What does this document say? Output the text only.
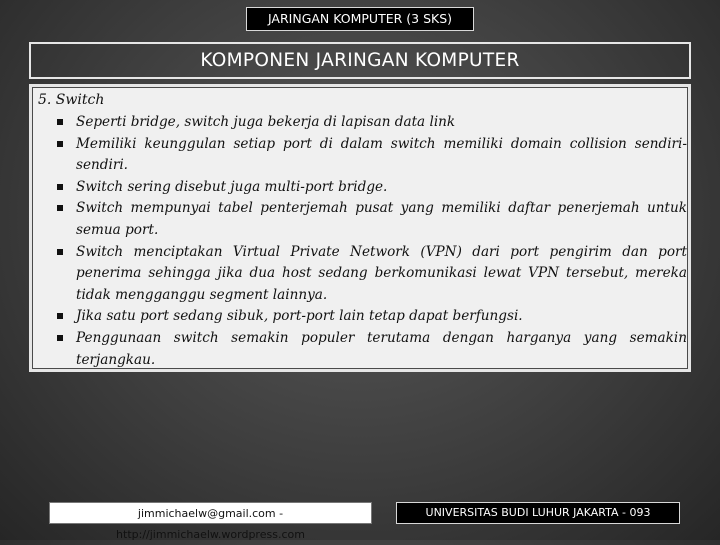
JARINGAN KOMPUTER (3 SKS)
KOMPONEN JARINGAN KOMPUTER
5. Switch
Seperti bridge, switch juga bekerja di lapisan data link
Memiliki keunggulan setiap port di dalam switch memiliki domain collision sendiri-sendiri.
Switch sering disebut juga multi-port bridge.
Switch mempunyai tabel penterjemah pusat yang memiliki daftar penerjemah untuk semua port.
Switch menciptakan Virtual Private Network (VPN) dari port pengirim dan port penerima sehingga jika dua host sedang berkomunikasi lewat VPN tersebut, mereka tidak mengganggu segment lainnya.
Jika satu port sedang sibuk, port-port lain tetap dapat berfungsi.
Penggunaan switch semakin populer terutama dengan harganya yang semakin terjangkau.
jimmichaelw@gmail.com - http://jimmichaelw.wordpress.com
UNIVERSITAS BUDI LUHUR JAKARTA - 093
